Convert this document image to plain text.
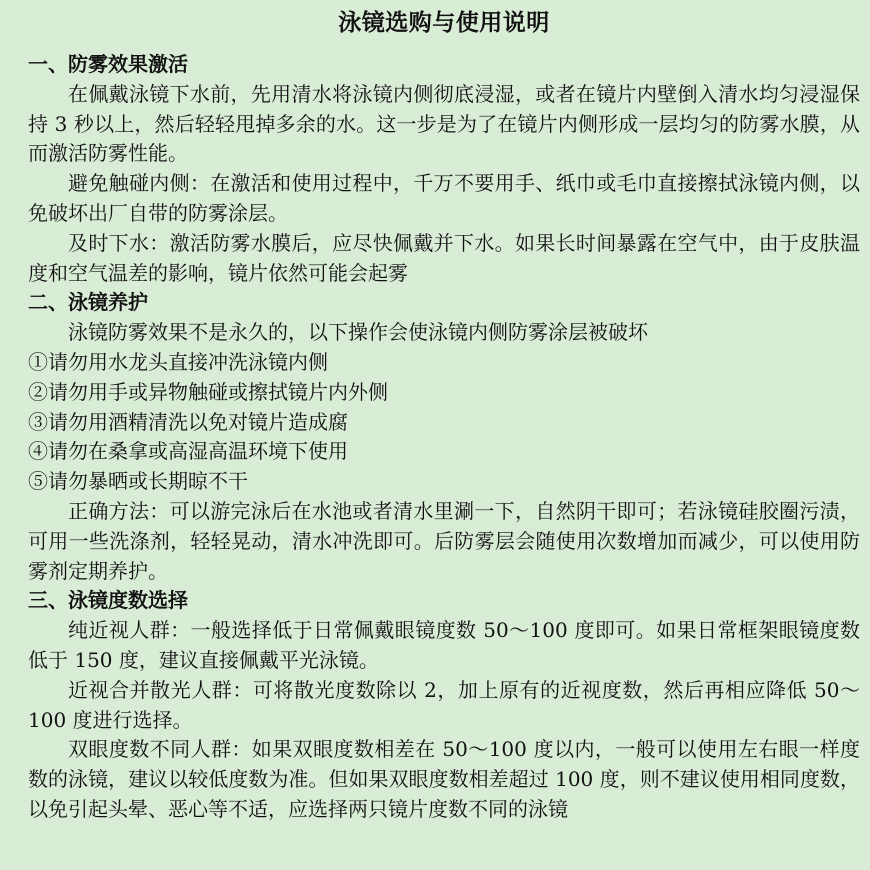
泳镜选购与使用说明
一、防雾效果激活

在佩戴泳镜下水前，先用清水将泳镜内侧彻底浸湿，或者在镜片内壁倒入清水均匀浸湿保持 3 秒以上，然后轻轻甩掉多余的水。这一步是为了在镜片内侧形成一层均匀的防雾水膜，从而激活防雾性能。

避免触碰内侧：在激活和使用过程中，千万不要用手、纸巾或毛巾直接擦拭泳镜内侧，以免破坏出厂自带的防雾涂层。

及时下水：激活防雾水膜后，应尽快佩戴并下水。如果长时间暴露在空气中，由于皮肤温度和空气温差的影响，镜片依然可能会起雾

二、泳镜养护

泳镜防雾效果不是永久的，以下操作会使泳镜内侧防雾涂层被破坏

①请勿用水龙头直接冲洗泳镜内侧

②请勿用手或异物触碰或擦拭镜片内外侧

③请勿用酒精清洗以免对镜片造成腐

④请勿在桑拿或高湿高温环境下使用

⑤请勿暴晒或长期晾不干

正确方法：可以游完泳后在水池或者清水里涮一下，自然阴干即可；若泳镜硅胶圈污渍，可用一些洗涤剂，轻轻晃动，清水冲洗即可。后防雾层会随使用次数增加而减少，可以使用防雾剂定期养护。

三、泳镜度数选择

纯近视人群：一般选择低于日常佩戴眼镜度数 50～100 度即可。如果日常框架眼镜度数低于 150 度，建议直接佩戴平光泳镜。

近视合并散光人群：可将散光度数除以 2，加上原有的近视度数，然后再相应降低 50～100 度进行选择。

双眼度数不同人群：如果双眼度数相差在 50～100 度以内，一般可以使用左右眼一样度数的泳镜，建议以较低度数为准。但如果双眼度数相差超过 100 度，则不建议使用相同度数，以免引起头晕、恶心等不适，应选择两只镜片度数不同的泳镜
